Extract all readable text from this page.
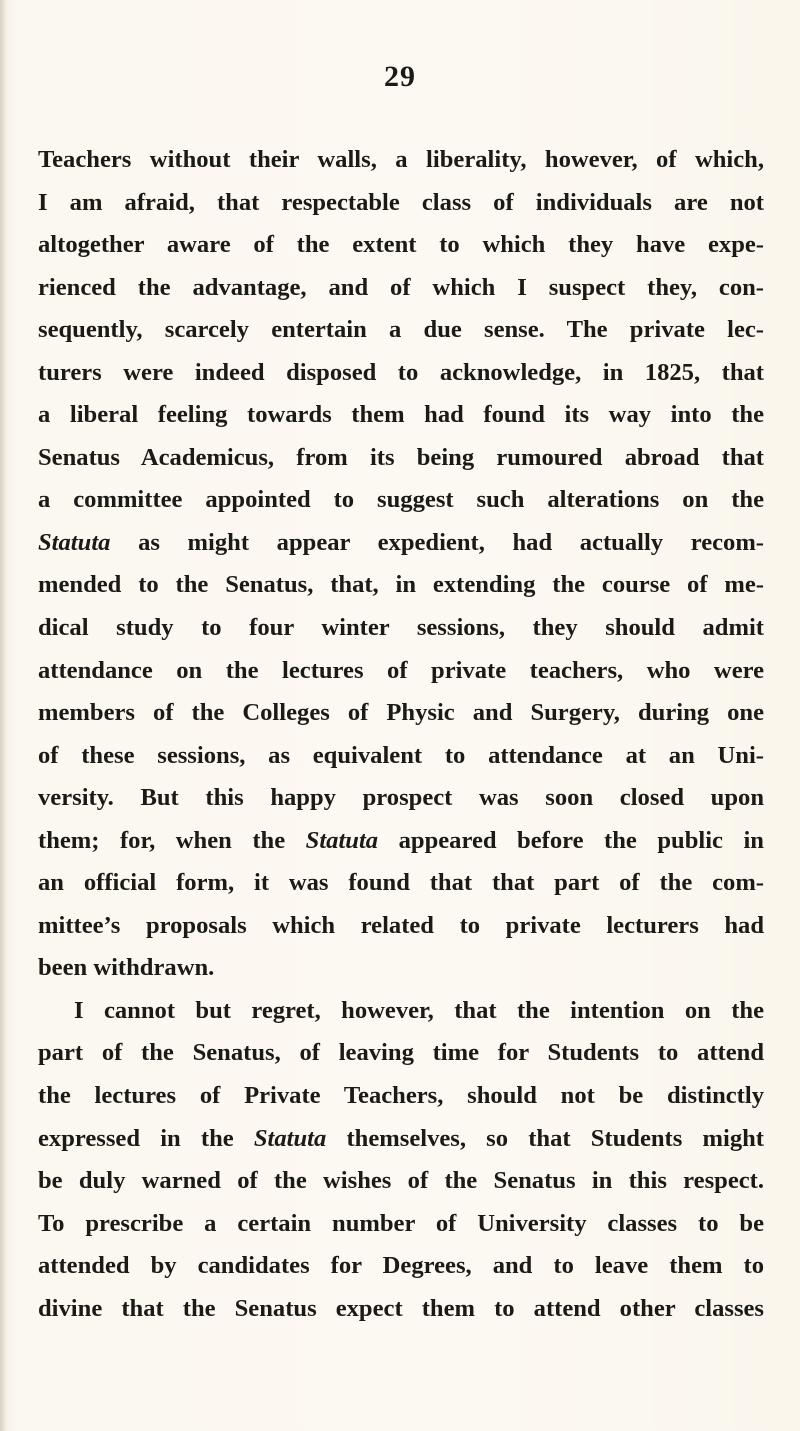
29
Teachers without their walls, a liberality, however, of which,
I am afraid, that respectable class of individuals are not
altogether aware of the extent to which they have expe-
rienced the advantage, and of which I suspect they, con-
sequently, scarcely entertain a due sense. The private lec-
turers were indeed disposed to acknowledge, in 1825, that
a liberal feeling towards them had found its way into the
Senatus Academicus, from its being rumoured abroad that
a committee appointed to suggest such alterations on the
Statuta as might appear expedient, had actually recom-
mended to the Senatus, that, in extending the course of me-
dical study to four winter sessions, they should admit
attendance on the lectures of private teachers, who were
members of the Colleges of Physic and Surgery, during one
of these sessions, as equivalent to attendance at an Uni-
versity. But this happy prospect was soon closed upon
them; for, when the Statuta appeared before the public in
an official form, it was found that that part of the com-
mittee’s proposals which related to private lecturers had
been withdrawn.
I cannot but regret, however, that the intention on the
part of the Senatus, of leaving time for Students to attend
the lectures of Private Teachers, should not be distinctly
expressed in the Statuta themselves, so that Students might
be duly warned of the wishes of the Senatus in this respect.
To prescribe a certain number of University classes to be
attended by candidates for Degrees, and to leave them to
divine that the Senatus expect them to attend other classes
